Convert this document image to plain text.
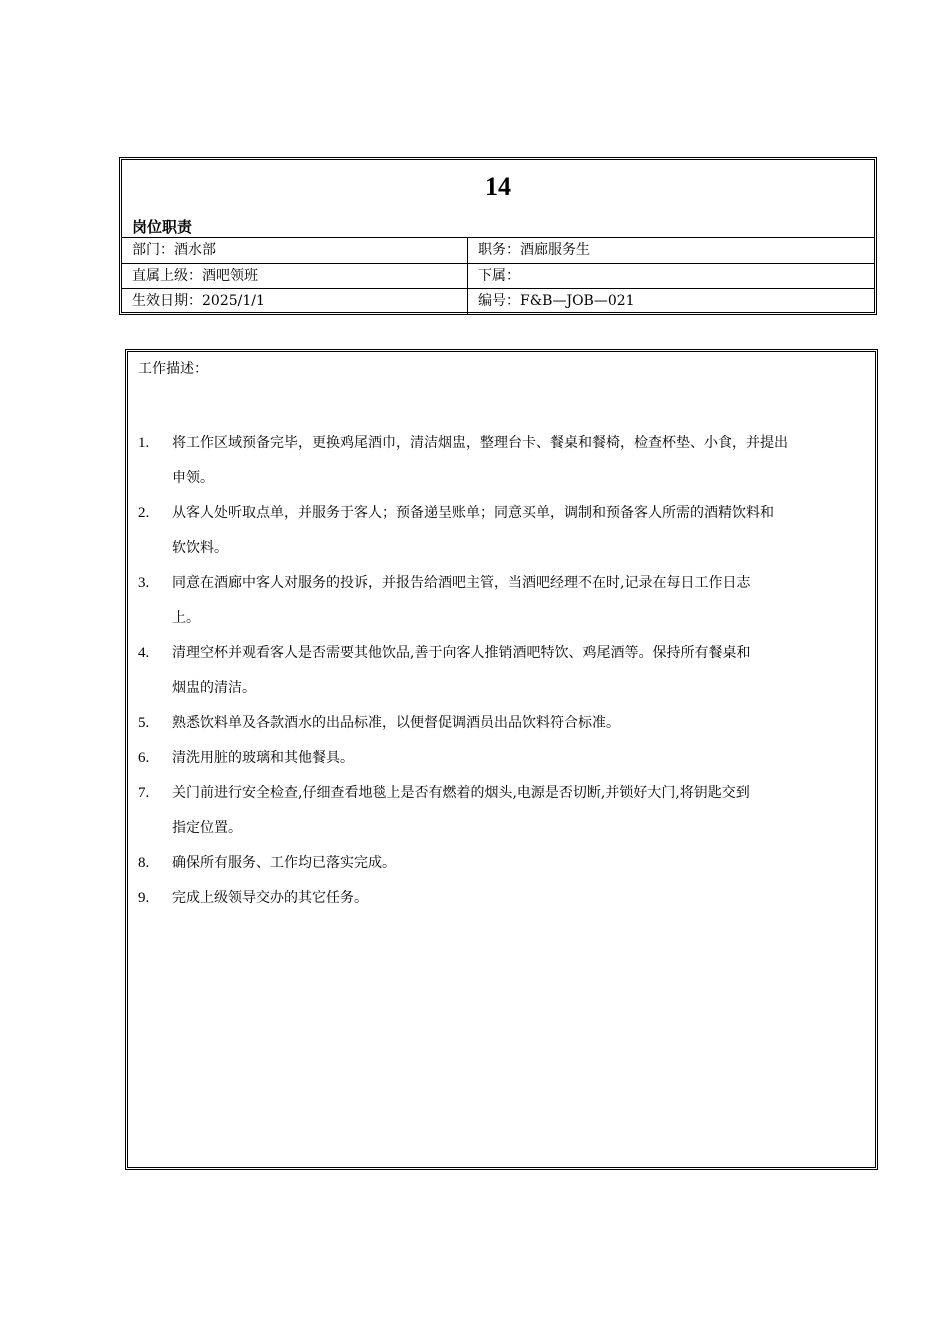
14
岗位职责
部门：酒水部	职务：酒廊服务生
直属上级：酒吧领班	下属：
生效日期：2025/1/1	编号：F&B—JOB—021
工作描述：
1. 将工作区域预备完毕，更换鸡尾酒巾，清洁烟盅，整理台卡、餐桌和餐椅，检查杯垫、小食，并提出
申领。
2. 从客人处听取点单，并服务于客人；预备递呈账单；同意买单，调制和预备客人所需的酒精饮料和
软饮料。
3. 同意在酒廊中客人对服务的投诉，并报告给酒吧主管，当酒吧经理不在时,记录在每日工作日志
上。
4. 清理空杯并观看客人是否需要其他饮品,善于向客人推销酒吧特饮、鸡尾酒等。保持所有餐桌和
烟盅的清洁。
5. 熟悉饮料单及各款酒水的出品标准，以便督促调酒员出品饮料符合标准。
6. 清洗用脏的玻璃和其他餐具。
7. 关门前进行安全检查,仔细查看地毯上是否有燃着的烟头,电源是否切断,并锁好大门,将钥匙交到
指定位置。
8. 确保所有服务、工作均已落实完成。
9. 完成上级领导交办的其它任务。
